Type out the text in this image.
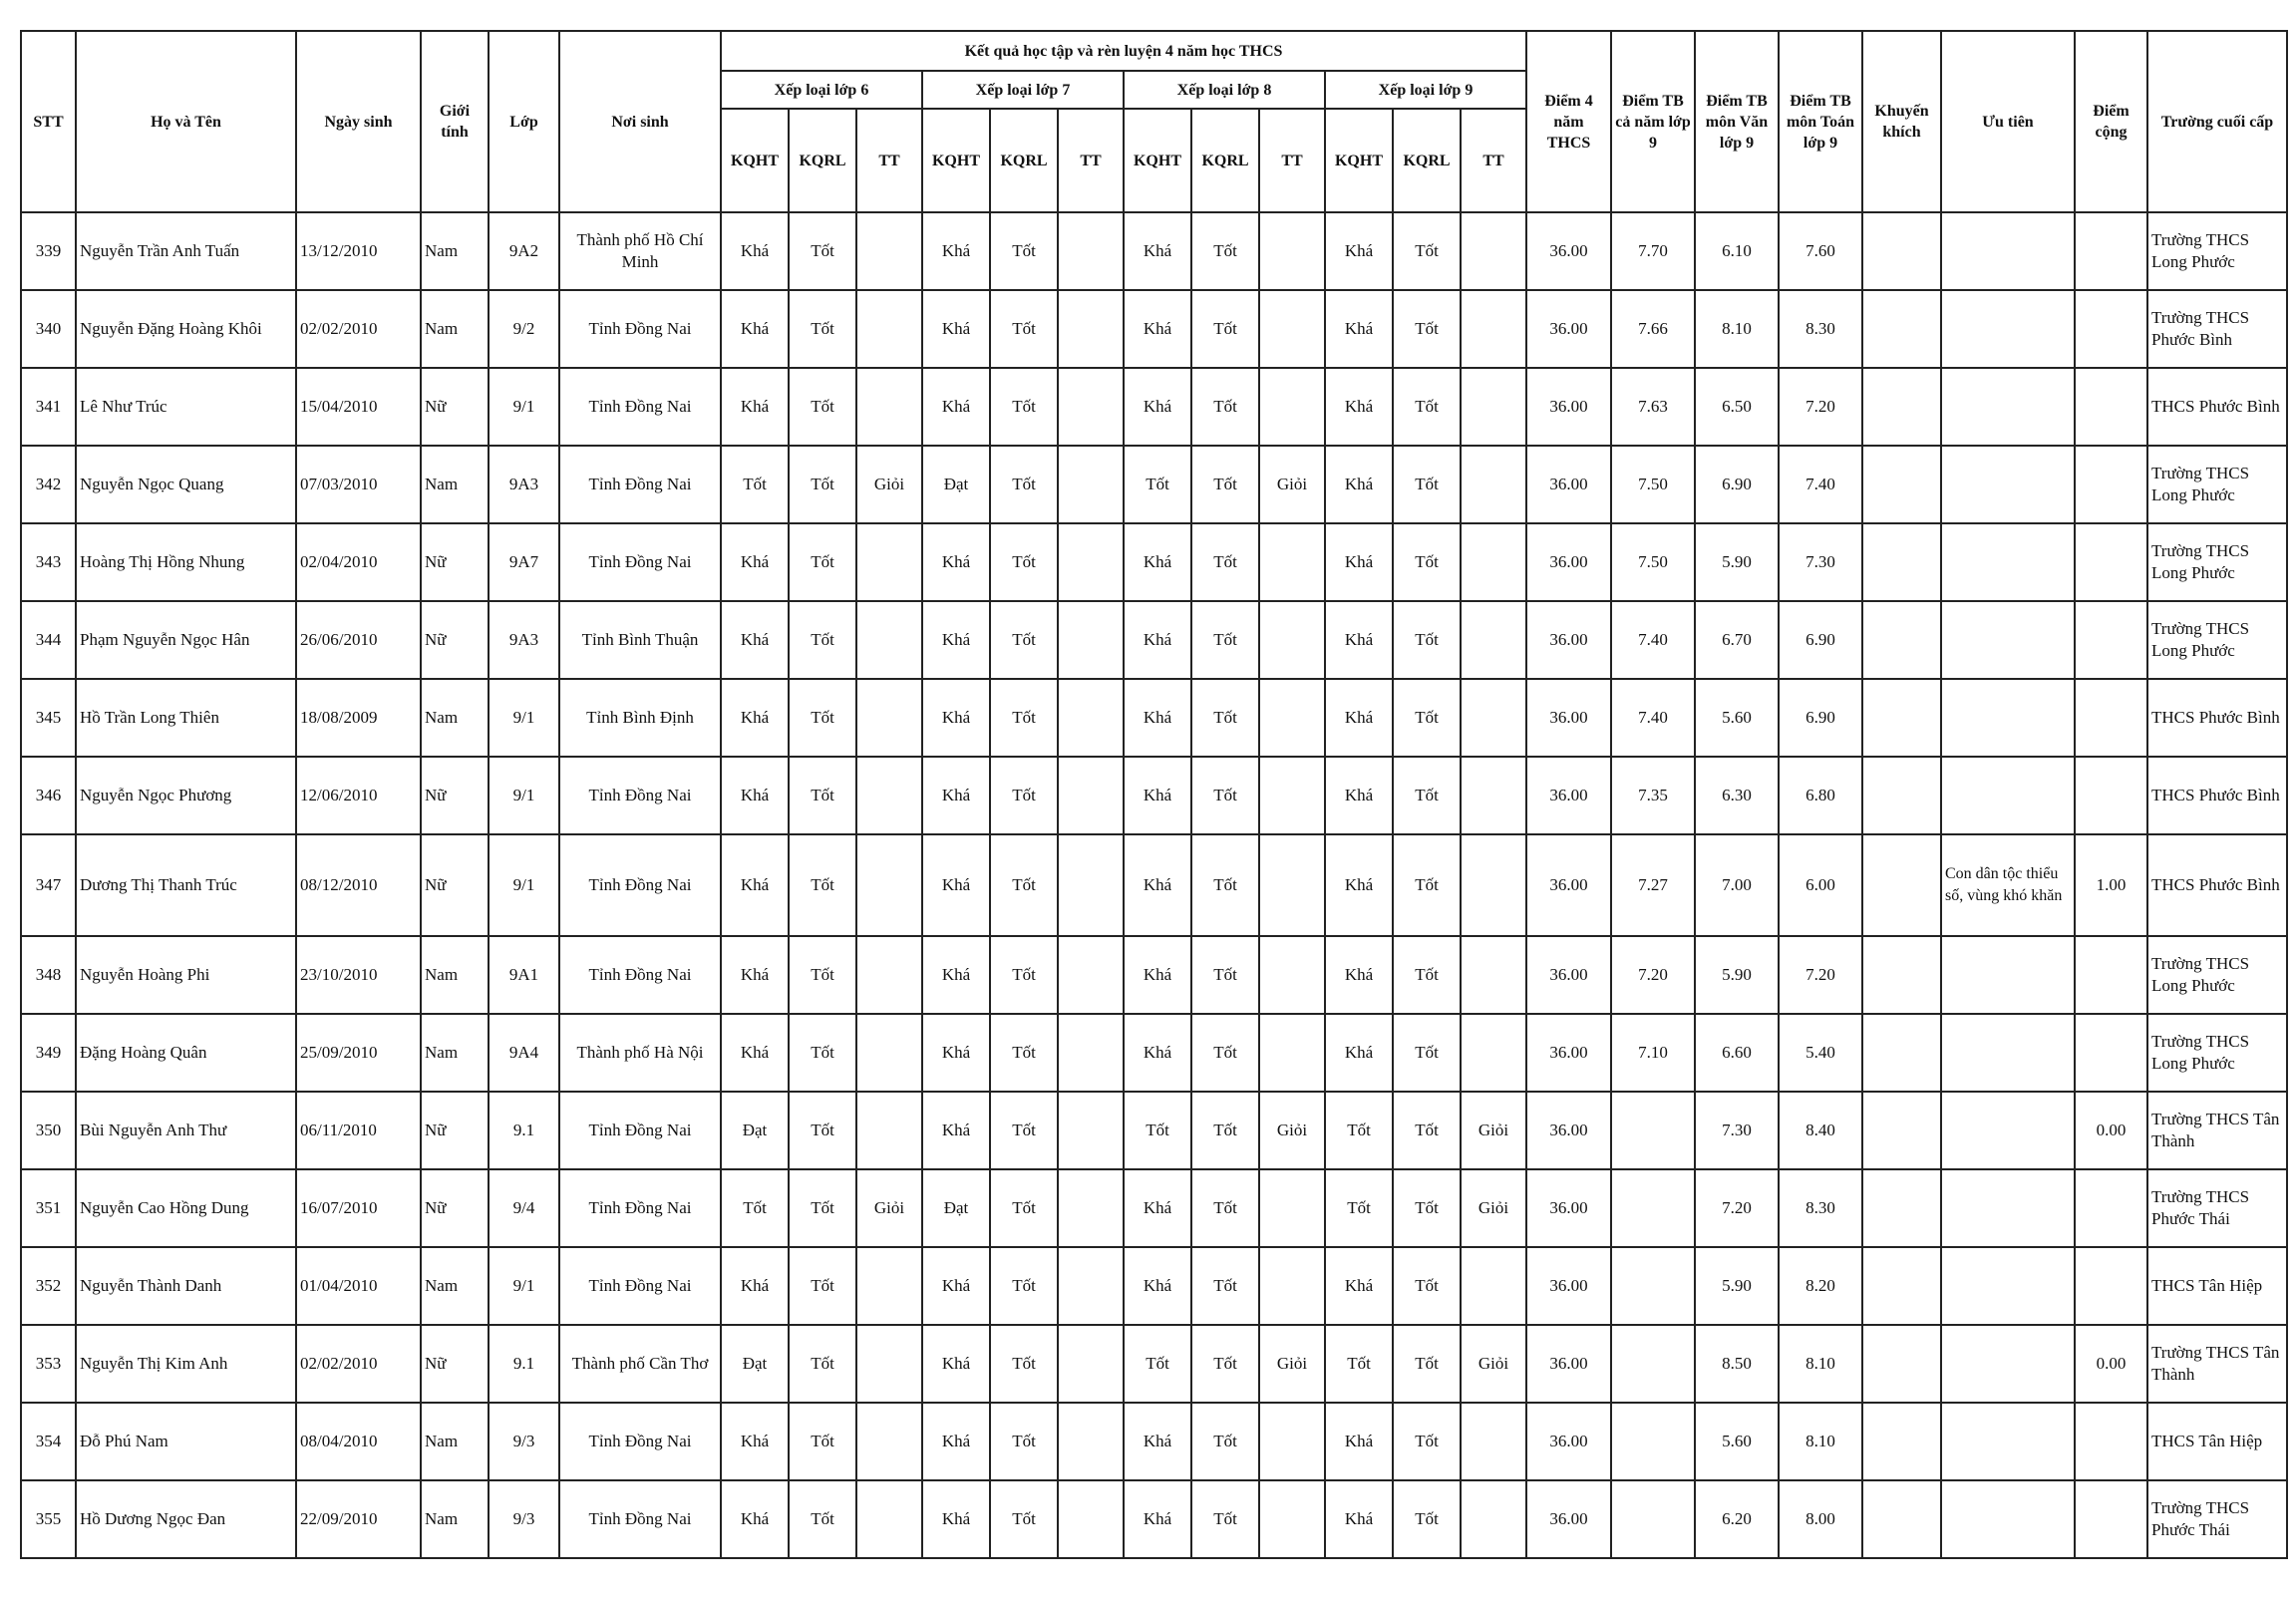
STT	Họ và Tên	Ngày sinh	Giới tính	Lớp	Nơi sinh	Kết quả học tập và rèn luyện 4 năm học THCS												Điểm 4 năm THCS	Điểm TB cả năm lớp 9	Điểm TB môn Văn lớp 9	Điểm TB môn Toán lớp 9	Khuyến khích	Ưu tiên	Điểm cộng	Trường cuối cấp
						Xếp loại lớp 6			Xếp loại lớp 7			Xếp loại lớp 8			Xếp loại lớp 9										
						KQHT	KQRL	TT	KQHT	KQRL	TT	KQHT	KQRL	TT	KQHT	KQRL	TT								
339	Nguyễn Trần Anh Tuấn	13/12/2010	Nam	9A2	Thành phố Hồ Chí Minh	Khá	Tốt		Khá	Tốt		Khá	Tốt		Khá	Tốt		36.00	7.70	6.10	7.60				Trường THCS Long Phước
340	Nguyễn Đặng Hoàng Khôi	02/02/2010	Nam	9/2	Tỉnh Đồng Nai	Khá	Tốt		Khá	Tốt		Khá	Tốt		Khá	Tốt		36.00	7.66	8.10	8.30				Trường THCS Phước Bình
341	Lê Như Trúc	15/04/2010	Nữ	9/1	Tỉnh Đồng Nai	Khá	Tốt		Khá	Tốt		Khá	Tốt		Khá	Tốt		36.00	7.63	6.50	7.20				THCS Phước Bình
342	Nguyễn Ngọc Quang	07/03/2010	Nam	9A3	Tỉnh Đồng Nai	Tốt	Tốt	Giỏi	Đạt	Tốt		Tốt	Tốt	Giỏi	Khá	Tốt		36.00	7.50	6.90	7.40				Trường THCS Long Phước
343	Hoàng Thị Hồng Nhung	02/04/2010	Nữ	9A7	Tỉnh Đồng Nai	Khá	Tốt		Khá	Tốt		Khá	Tốt		Khá	Tốt		36.00	7.50	5.90	7.30				Trường THCS Long Phước
344	Phạm Nguyễn Ngọc Hân	26/06/2010	Nữ	9A3	Tỉnh Bình Thuận	Khá	Tốt		Khá	Tốt		Khá	Tốt		Khá	Tốt		36.00	7.40	6.70	6.90				Trường THCS Long Phước
345	Hồ Trần Long Thiên	18/08/2009	Nam	9/1	Tỉnh Bình Định	Khá	Tốt		Khá	Tốt		Khá	Tốt		Khá	Tốt		36.00	7.40	5.60	6.90				THCS Phước Bình
346	Nguyễn Ngọc Phương	12/06/2010	Nữ	9/1	Tỉnh Đồng Nai	Khá	Tốt		Khá	Tốt		Khá	Tốt		Khá	Tốt		36.00	7.35	6.30	6.80				THCS Phước Bình
347	Dương Thị Thanh Trúc	08/12/2010	Nữ	9/1	Tỉnh Đồng Nai	Khá	Tốt		Khá	Tốt		Khá	Tốt		Khá	Tốt		36.00	7.27	7.00	6.00		Con dân tộc thiểu số, vùng khó khăn	1.00	THCS Phước Bình
348	Nguyễn Hoàng Phi	23/10/2010	Nam	9A1	Tỉnh Đồng Nai	Khá	Tốt		Khá	Tốt		Khá	Tốt		Khá	Tốt		36.00	7.20	5.90	7.20				Trường THCS Long Phước
349	Đặng Hoàng Quân	25/09/2010	Nam	9A4	Thành phố Hà Nội	Khá	Tốt		Khá	Tốt		Khá	Tốt		Khá	Tốt		36.00	7.10	6.60	5.40				Trường THCS Long Phước
350	Bùi Nguyễn Anh Thư	06/11/2010	Nữ	9.1	Tỉnh Đồng Nai	Đạt	Tốt		Khá	Tốt		Tốt	Tốt	Giỏi	Tốt	Tốt	Giỏi	36.00		7.30	8.40			0.00	Trường THCS Tân Thành
351	Nguyễn Cao Hồng Dung	16/07/2010	Nữ	9/4	Tỉnh Đồng Nai	Tốt	Tốt	Giỏi	Đạt	Tốt		Khá	Tốt		Tốt	Tốt	Giỏi	36.00		7.20	8.30				Trường THCS Phước Thái
352	Nguyễn Thành Danh	01/04/2010	Nam	9/1	Tỉnh Đồng Nai	Khá	Tốt		Khá	Tốt		Khá	Tốt		Khá	Tốt		36.00		5.90	8.20				THCS Tân Hiệp
353	Nguyễn Thị Kim Anh	02/02/2010	Nữ	9.1	Thành phố Cần Thơ	Đạt	Tốt		Khá	Tốt		Tốt	Tốt	Giỏi	Tốt	Tốt	Giỏi	36.00		8.50	8.10			0.00	Trường THCS Tân Thành
354	Đỗ Phú Nam	08/04/2010	Nam	9/3	Tỉnh Đồng Nai	Khá	Tốt		Khá	Tốt		Khá	Tốt		Khá	Tốt		36.00		5.60	8.10				THCS Tân Hiệp
355	Hồ Dương Ngọc Đan	22/09/2010	Nam	9/3	Tỉnh Đồng Nai	Khá	Tốt		Khá	Tốt		Khá	Tốt		Khá	Tốt		36.00		6.20	8.00				Trường THCS Phước Thái
